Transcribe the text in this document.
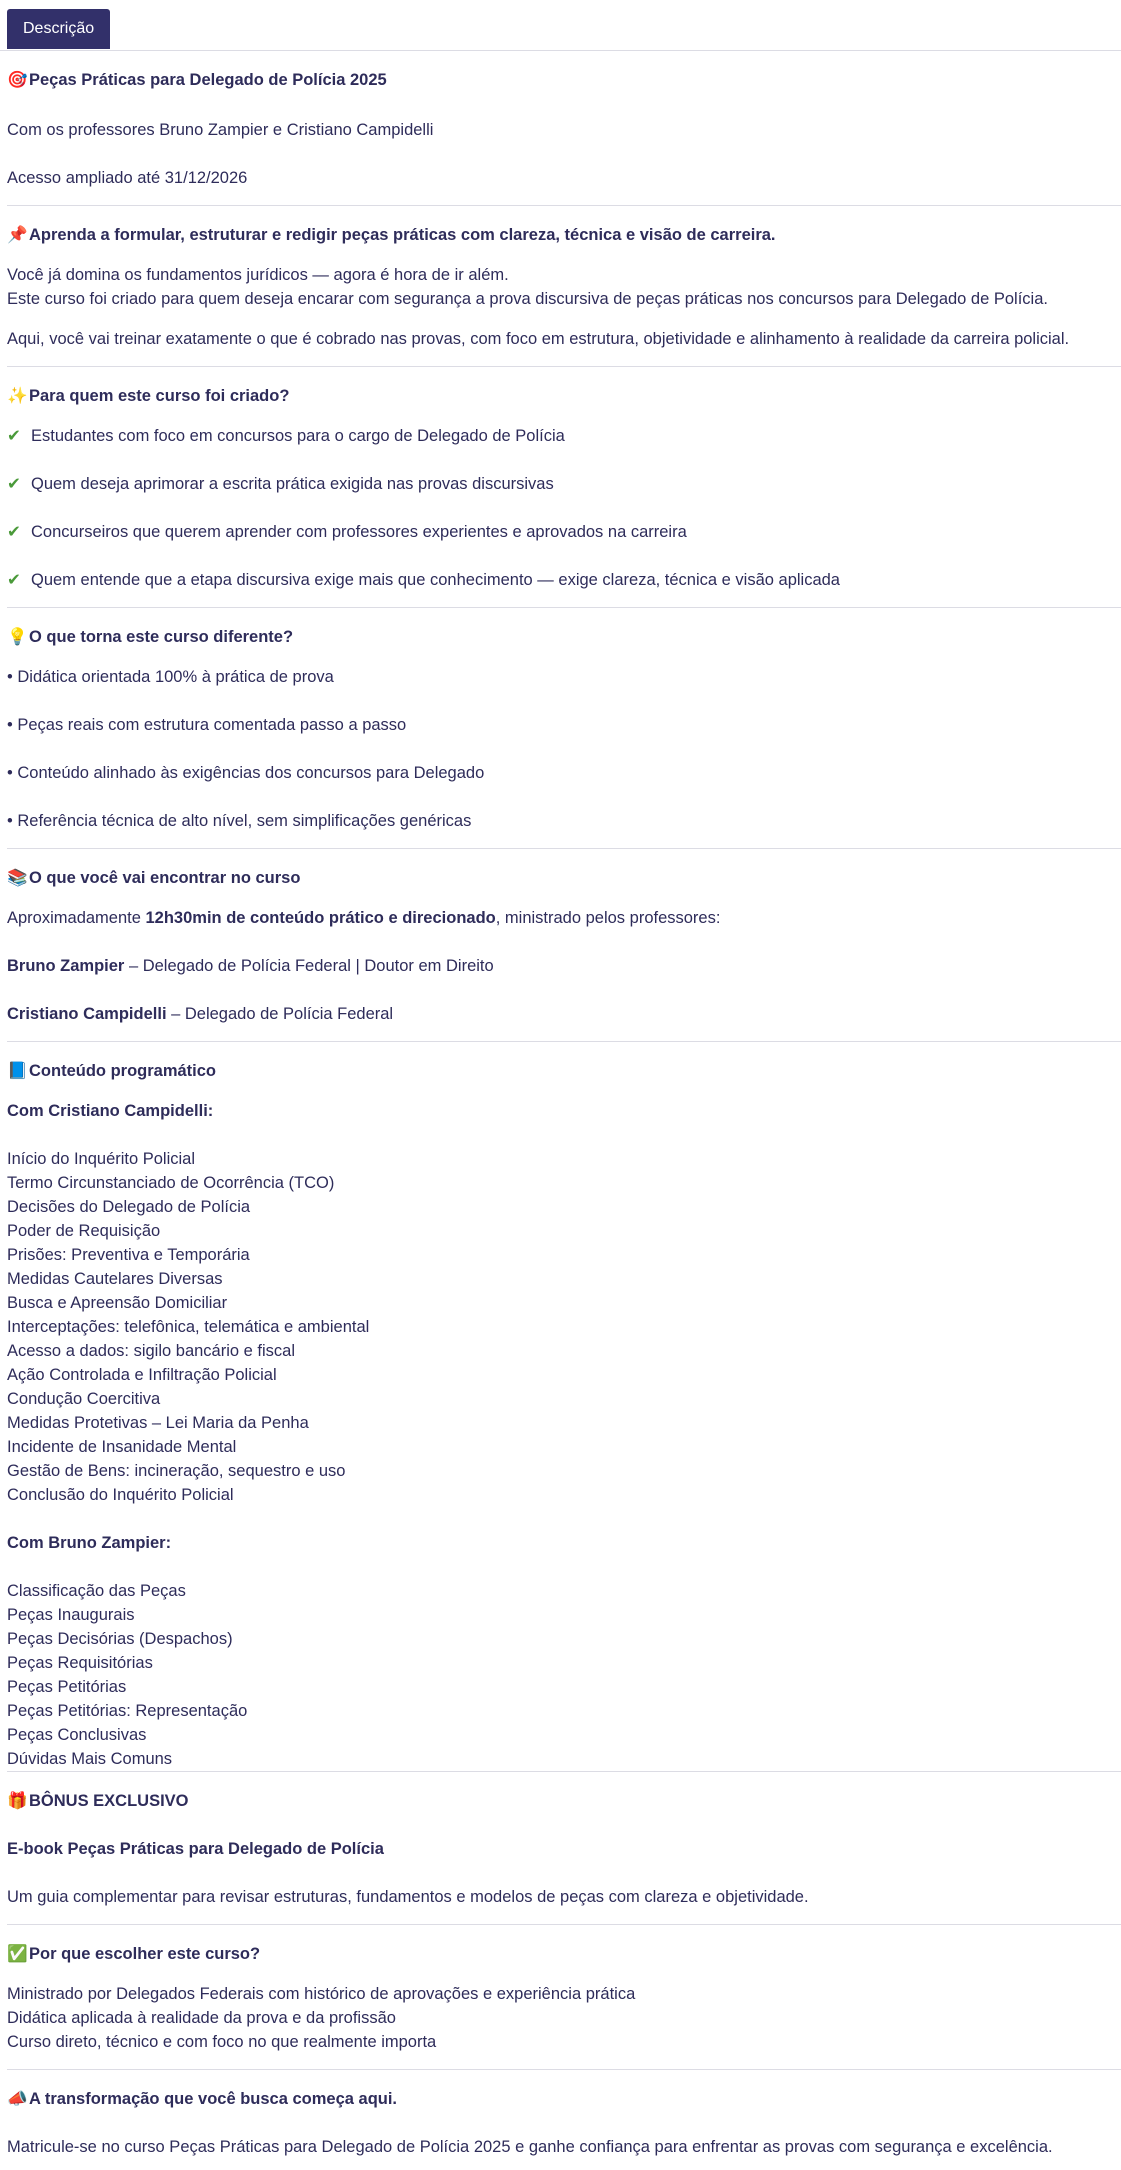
Descrição
🎯Peças Práticas para Delegado de Polícia 2025
Com os professores Bruno Zampier e Cristiano Campidelli
Acesso ampliado até 31/12/2026
📌Aprenda a formular, estruturar e redigir peças práticas com clareza, técnica e visão de carreira.
Você já domina os fundamentos jurídicos — agora é hora de ir além.
Este curso foi criado para quem deseja encarar com segurança a prova discursiva de peças práticas nos concursos para Delegado de Polícia.
Aqui, você vai treinar exatamente o que é cobrado nas provas, com foco em estrutura, objetividade e alinhamento à realidade da carreira policial.
✨Para quem este curso foi criado?
✔ Estudantes com foco em concursos para o cargo de Delegado de Polícia
✔ Quem deseja aprimorar a escrita prática exigida nas provas discursivas
✔ Concurseiros que querem aprender com professores experientes e aprovados na carreira
✔ Quem entende que a etapa discursiva exige mais que conhecimento — exige clareza, técnica e visão aplicada
💡O que torna este curso diferente?
• Didática orientada 100% à prática de prova
• Peças reais com estrutura comentada passo a passo
• Conteúdo alinhado às exigências dos concursos para Delegado
• Referência técnica de alto nível, sem simplificações genéricas
📚O que você vai encontrar no curso
Aproximadamente 12h30min de conteúdo prático e direcionado, ministrado pelos professores:
Bruno Zampier – Delegado de Polícia Federal | Doutor em Direito
Cristiano Campidelli – Delegado de Polícia Federal
📘Conteúdo programático
Com Cristiano Campidelli:
Início do Inquérito Policial
Termo Circunstanciado de Ocorrência (TCO)
Decisões do Delegado de Polícia
Poder de Requisição
Prisões: Preventiva e Temporária
Medidas Cautelares Diversas
Busca e Apreensão Domiciliar
Interceptações: telefônica, telemática e ambiental
Acesso a dados: sigilo bancário e fiscal
Ação Controlada e Infiltração Policial
Condução Coercitiva
Medidas Protetivas – Lei Maria da Penha
Incidente de Insanidade Mental
Gestão de Bens: incineração, sequestro e uso
Conclusão do Inquérito Policial
Com Bruno Zampier:
Classificação das Peças
Peças Inaugurais
Peças Decisórias (Despachos)
Peças Requisitórias
Peças Petitórias
Peças Petitórias: Representação
Peças Conclusivas
Dúvidas Mais Comuns
🎁BÔNUS EXCLUSIVO
E-book Peças Práticas para Delegado de Polícia
Um guia complementar para revisar estruturas, fundamentos e modelos de peças com clareza e objetividade.
✅Por que escolher este curso?
Ministrado por Delegados Federais com histórico de aprovações e experiência prática
Didática aplicada à realidade da prova e da profissão
Curso direto, técnico e com foco no que realmente importa
📣A transformação que você busca começa aqui.
Matricule-se no curso Peças Práticas para Delegado de Polícia 2025 e ganhe confiança para enfrentar as provas com segurança e excelência.
